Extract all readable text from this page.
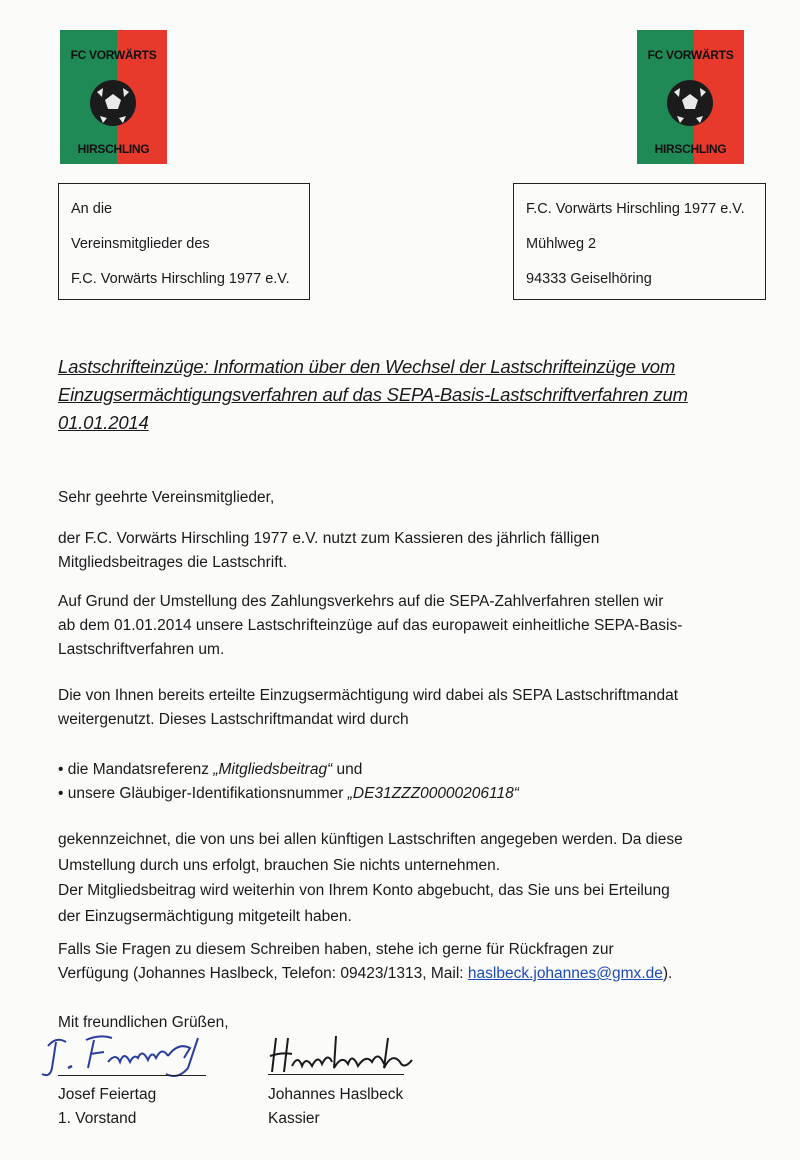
FC VORWÄRTS
HIRSCHLING
FC VORWÄRTS
HIRSCHLING
An die
Vereinsmitglieder des
F.C. Vorwärts Hirschling 1977 e.V.
F.C. Vorwärts Hirschling 1977 e.V.
Mühlweg 2
94333 Geiselhöring
Lastschrifteinzüge: Information über den Wechsel der Lastschrifteinzüge vom
Einzugsermächtigungsverfahren auf das SEPA-Basis-Lastschriftverfahren zum
01.01.2014
Sehr geehrte Vereinsmitglieder,
der F.C. Vorwärts Hirschling 1977 e.V. nutzt zum Kassieren des jährlich fälligen
Mitgliedsbeitrages die Lastschrift.
Auf Grund der Umstellung des Zahlungsverkehrs auf die SEPA-Zahlverfahren stellen wir
ab dem 01.01.2014 unsere Lastschrifteinzüge auf das europaweit einheitliche SEPA-Basis-
Lastschriftverfahren um.
Die von Ihnen bereits erteilte Einzugsermächtigung wird dabei als SEPA Lastschriftmandat
weitergenutzt. Dieses Lastschriftmandat wird durch
• die Mandatsreferenz „Mitgliedsbeitrag“ und
• unsere Gläubiger-Identifikationsnummer „DE31ZZZ00000206118“
gekennzeichnet, die von uns bei allen künftigen Lastschriften angegeben werden. Da diese
Umstellung durch uns erfolgt, brauchen Sie nichts unternehmen.
Der Mitgliedsbeitrag wird weiterhin von Ihrem Konto abgebucht, das Sie uns bei Erteilung
der Einzugsermächtigung mitgeteilt haben.
Falls Sie Fragen zu diesem Schreiben haben, stehe ich gerne für Rückfragen zur
Verfügung (Johannes Haslbeck, Telefon: 09423/1313, Mail: haslbeck.johannes@gmx.de).
Mit freundlichen Grüßen,
Josef Feiertag
1. Vorstand
Johannes Haslbeck
Kassier
